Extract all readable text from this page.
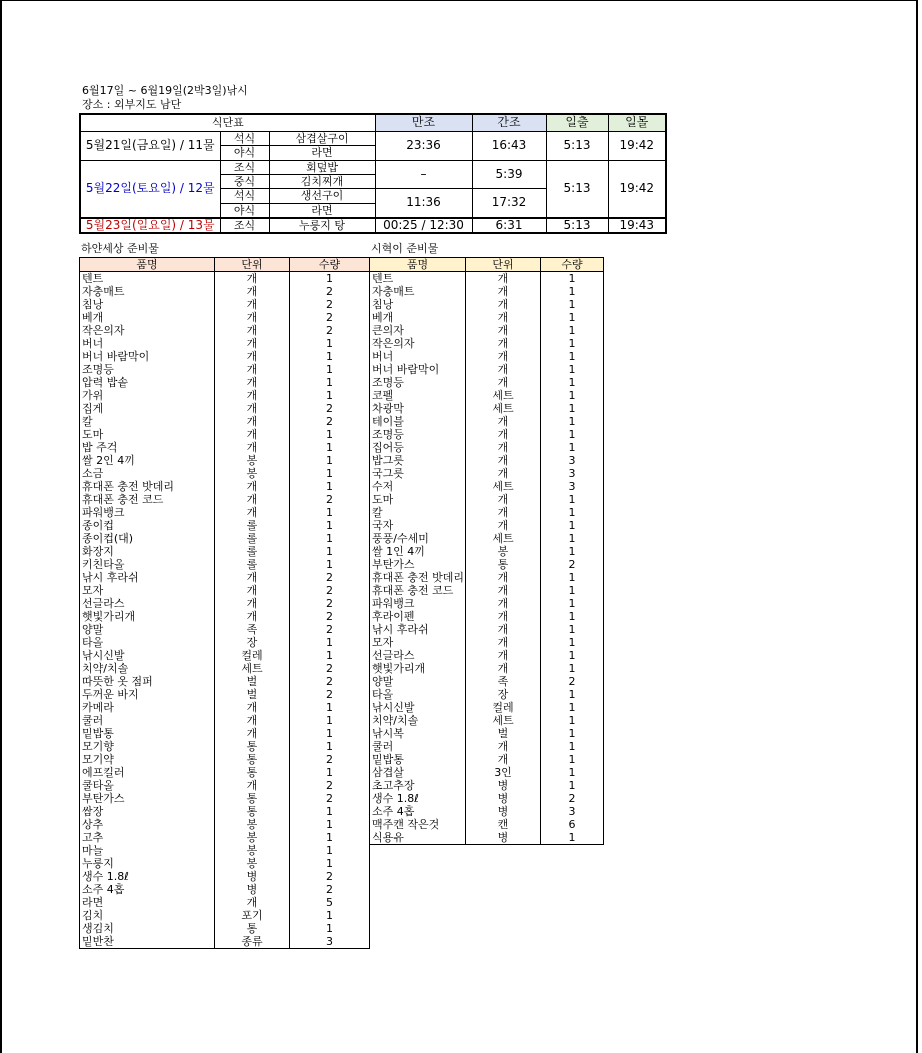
6월17일 ~ 6월19일(2박3일)낚시
장소 : 외부지도 남단
식단표			만조	간조	일출	일몰
5월21일(금요일) / 11물	석식	삼겹살구이	23:36	16:43	5:13	19:42
	야식	라면				
5월22일(토요일) / 12물	조식	회덮밥	–	5:39	5:13	19:42
	중식	김치찌개				
	석식	생선구이	11:36	17:32		
	야식	라면				
5월23일(일요일) / 13물	조식	누룽지 탕	00:25 / 12:30	6:31	5:13	19:43
하얀세상 준비물	시혁이 준비물
품명	단위	수량
텐트	개	1
자충매트	개	2
침낭	개	2
베개	개	2
작은의자	개	2
버너	개	1
버너 바람막이	개	1
조명등	개	1
압력 밥솥	개	1
가위	개	1
집게	개	2
칼	개	2
도마	개	1
밥 주걱	개	1
쌀 2인 4끼	봉	1
소금	봉	1
휴대폰 충전 밧데리	개	1
휴대폰 충전 코드	개	2
파워뱅크	개	1
종이컵	롤	1
종이컵(대)	롤	1
화장지	롤	1
키친타올	롤	1
낚시 후라쉬	개	2
모자	개	2
선글라스	개	2
햇빛가리개	개	2
양말	족	2
타올	장	1
낚시신발	컬레	1
치약/치솔	세트	2
따뜻한 옷 점퍼	벌	2
두꺼운 바지	벌	2
카메라	개	1
쿨러	개	1
밑밥통	개	1
모기향	통	1
모기약	통	2
에프킬러	통	1
쿨타올	개	2
부탄가스	통	2
쌈장	통	1
상추	봉	1
고추	봉	1
마늘	봉	1
누룽지	봉	1
생수 1.8ℓ	병	2
소주 4홉	병	2
라면	개	5
김치	포기	1
생김치	통	1
밑반찬	종류	3
품명	단위	수량
텐트	개	1
자충매트	개	1
침낭	개	1
베개	개	1
큰의자	개	1
작은의자	개	1
버너	개	1
버너 바람막이	개	1
조명등	개	1
코펠	세트	1
차광막	세트	1
테이블	개	1
조명등	개	1
집어등	개	1
밥그릇	개	3
국그릇	개	3
수저	세트	3
도마	개	1
칼	개	1
국자	개	1
풍풍/수세미	세트	1
쌀 1인 4끼	봉	1
부탄가스	통	2
휴대폰 충전 밧데리	개	1
휴대폰 충전 코드	개	1
파워뱅크	개	1
후라이펜	개	1
낚시 후라쉬	개	1
모자	개	1
선글라스	개	1
햇빛가리개	개	1
양말	족	2
타올	장	1
낚시신발	컬레	1
치약/치솔	세트	1
낚시복	벌	1
쿨러	개	1
밑밥통	개	1
삼겹살	3인	1
초고추장	병	1
생수 1.8ℓ	병	2
소주 4홉	병	3
맥주캔 작은것	캔	6
식용유	병	1
